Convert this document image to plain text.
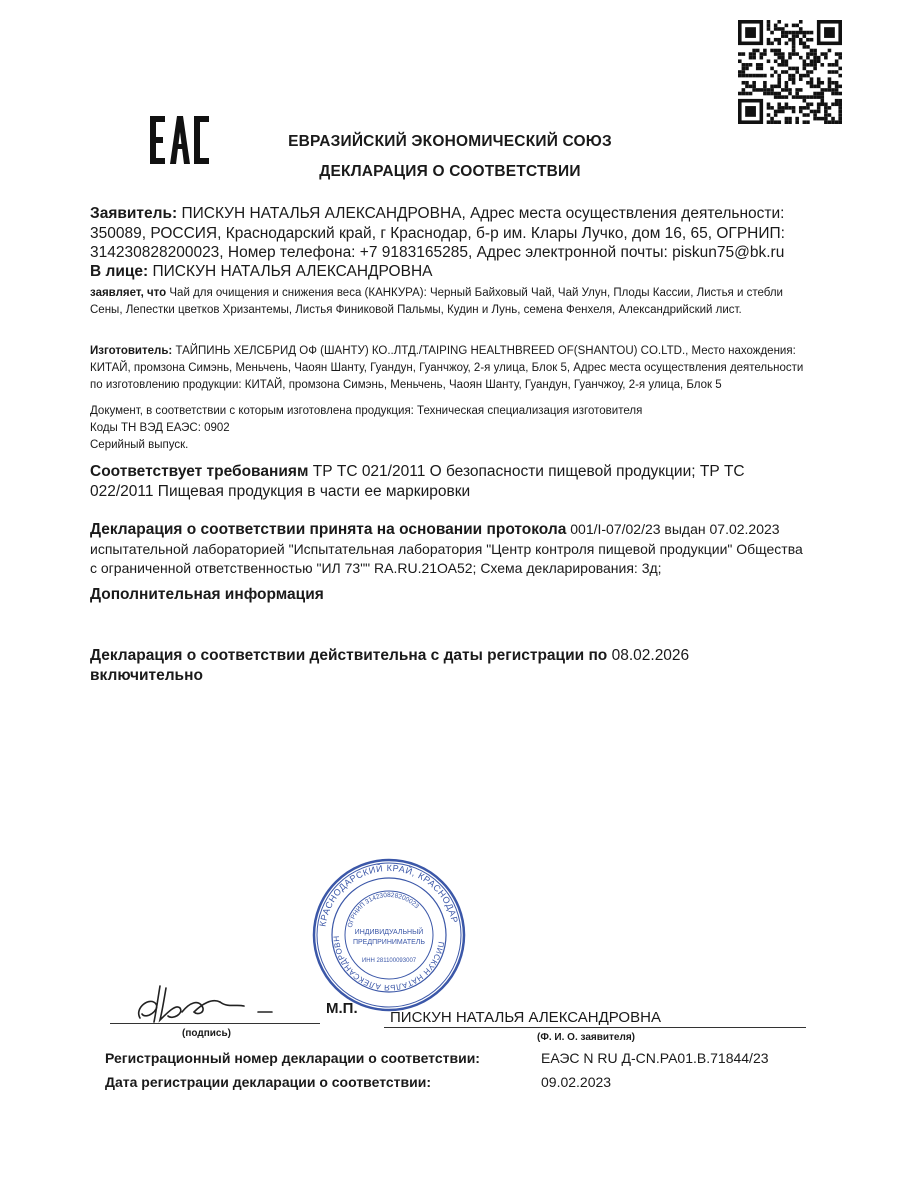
ЕВРАЗИЙСКИЙ ЭКОНОМИЧЕСКИЙ СОЮЗ
ДЕКЛАРАЦИЯ О СООТВЕТСТВИИ
Заявитель: ПИСКУН НАТАЛЬЯ АЛЕКСАНДРОВНА, Адрес места осуществления деятельности: 350089, РОССИЯ, Краснодарский край, г Краснодар, б-р им. Клары Лучко, дом 16, 65, ОГРНИП: 314230828200023, Номер телефона: +7 9183165285, Адрес электронной почты: piskun75@bk.ru
В лице: ПИСКУН НАТАЛЬЯ АЛЕКСАНДРОВНА
заявляет, что Чай для очищения и снижения веса (КАНКУРА): Черный Байховый Чай, Чай Улун, Плоды Кассии, Листья и стебли Сены, Лепестки цветков Хризантемы, Листья Финиковой Пальмы, Кудин и Лунь, семена Фенхеля, Александрийский лист.
Изготовитель: ТАЙПИНЬ ХЕЛСБРИД ОФ (ШАНТУ) КО..ЛТД./TAIPING HEALTHBREED OF(SHANTOU) CO.LTD., Место нахождения: КИТАЙ, промзона Симэнь, Меньчень, Чаоян Шанту, Гуандун, Гуанчжоу, 2-я улица, Блок 5, Адрес места осуществления деятельности по изготовлению продукции: КИТАЙ, промзона Симэнь, Меньчень, Чаоян Шанту, Гуандун, Гуанчжоу, 2-я улица, Блок 5
Документ, в соответствии с которым изготовлена продукция: Техническая специализация изготовителя
Коды ТН ВЭД ЕАЭС: 0902
Серийный выпуск.
Соответствует требованиям ТР ТС 021/2011 О безопасности пищевой продукции; ТР ТС 022/2011 Пищевая продукция в части ее маркировки
Декларация о соответствии принята на основании протокола 001/I-07/02/23 выдан 07.02.2023 испытательной лабораторией "Испытательная лаборатория "Центр контроля пищевой продукции" Общества с ограниченной ответственностью "ИЛ 73"" RA.RU.21ОА52; Схема декларирования: 3д;
Дополнительная информация
Декларация о соответствии действительна с даты регистрации по 08.02.2026
включительно
КРАСНОДАРСКИЙ КРАЙ, КРАСНОДАР
ПИСКУН НАТАЛЬЯ АЛЕКСАНДРОВН
ОГРНИП 314230828200023
ИНДИВИДУАЛЬНЫЙ
ПРЕДПРИНИМАТЕЛЬ
ИНН 281100093007
М.П.
ПИСКУН НАТАЛЬЯ АЛЕКСАНДРОВНА
(подпись)	(Ф. И. О. заявителя)
Регистрационный номер декларации о соответствии:	ЕАЭС N RU Д-CN.PA01.B.71844/23
Дата регистрации декларации о соответствии:	09.02.2023
